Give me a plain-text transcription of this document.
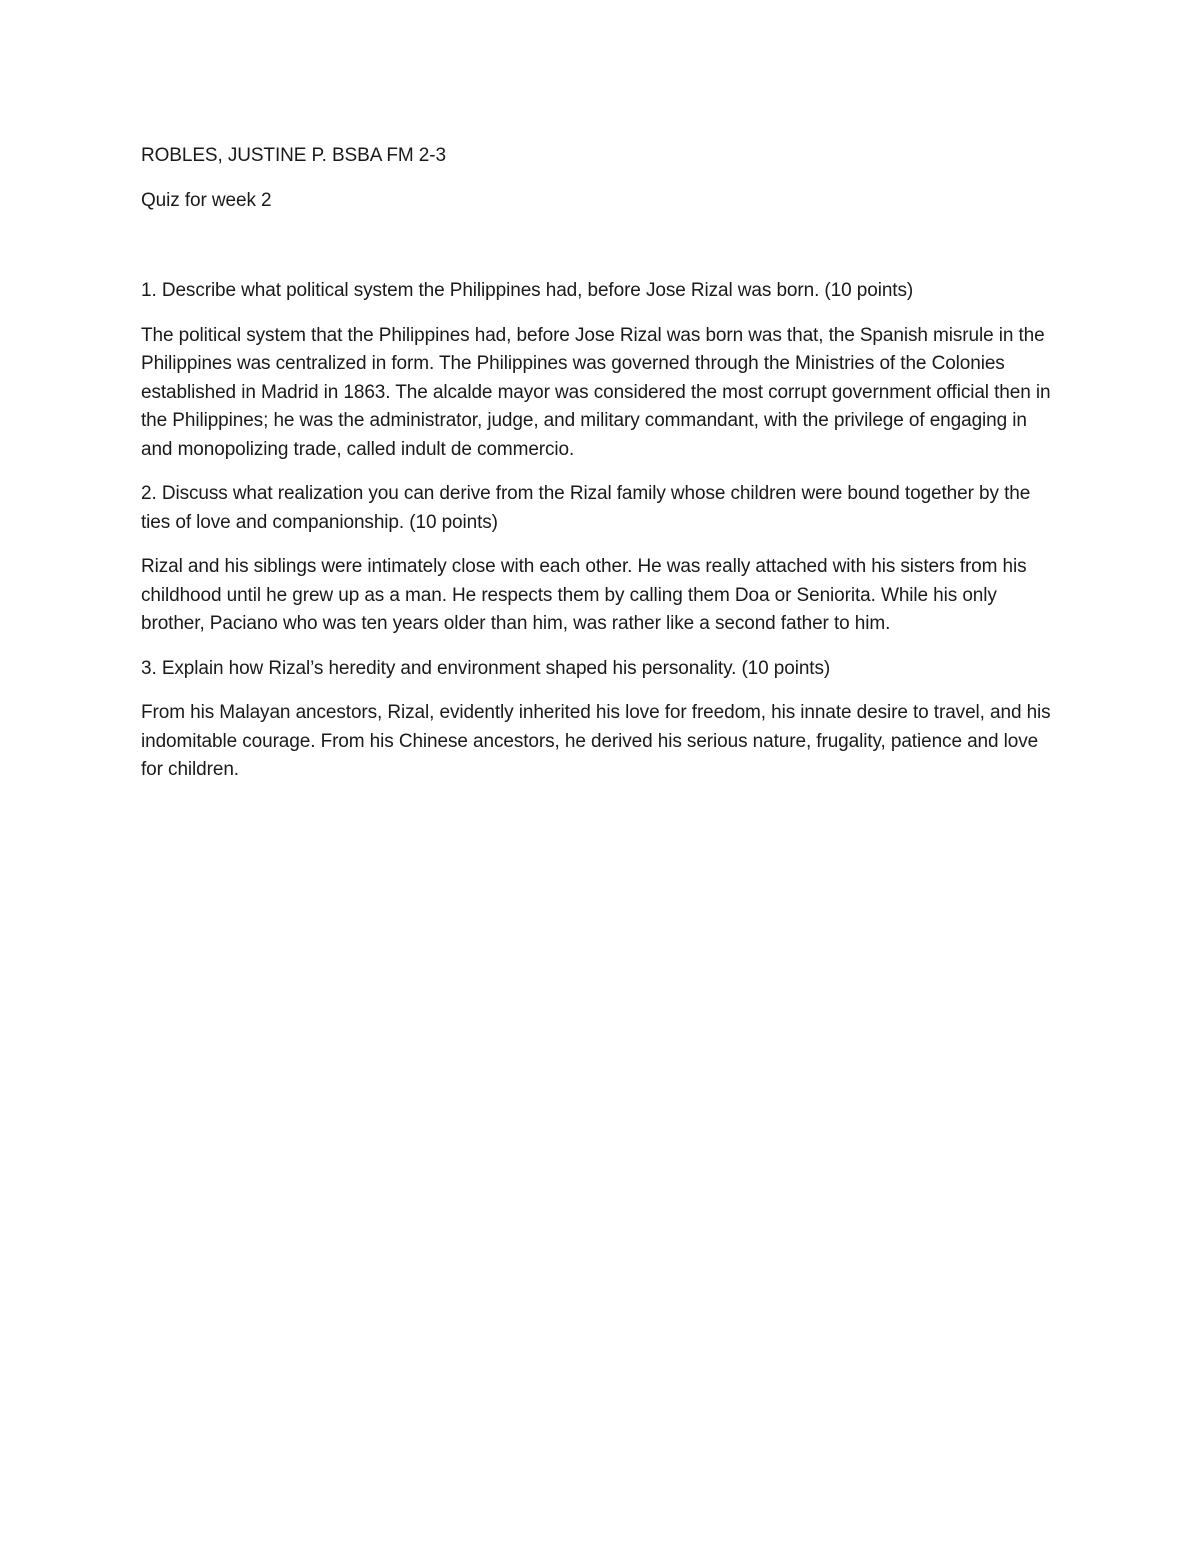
ROBLES, JUSTINE P. BSBA FM 2-3

Quiz for week 2

1. Describe what political system the Philippines had, before Jose Rizal was born. (10 points)

The political system that the Philippines had, before Jose Rizal was born was that, the Spanish misrule in the Philippines was centralized in form. The Philippines was governed through the Ministries of the Colonies established in Madrid in 1863. The alcalde mayor was considered the most corrupt government official then in the Philippines; he was the administrator, judge, and military commandant, with the privilege of engaging in and monopolizing trade, called indult de commercio.

2. Discuss what realization you can derive from the Rizal family whose children were bound together by the ties of love and companionship. (10 points)

Rizal and his siblings were intimately close with each other. He was really attached with his sisters from his childhood until he grew up as a man. He respects them by calling them Doa or Seniorita. While his only brother, Paciano who was ten years older than him, was rather like a second father to him.

3. Explain how Rizal’s heredity and environment shaped his personality. (10 points)

From his Malayan ancestors, Rizal, evidently inherited his love for freedom, his innate desire to travel, and his indomitable courage. From his Chinese ancestors, he derived his serious nature, frugality, patience and love for children.
